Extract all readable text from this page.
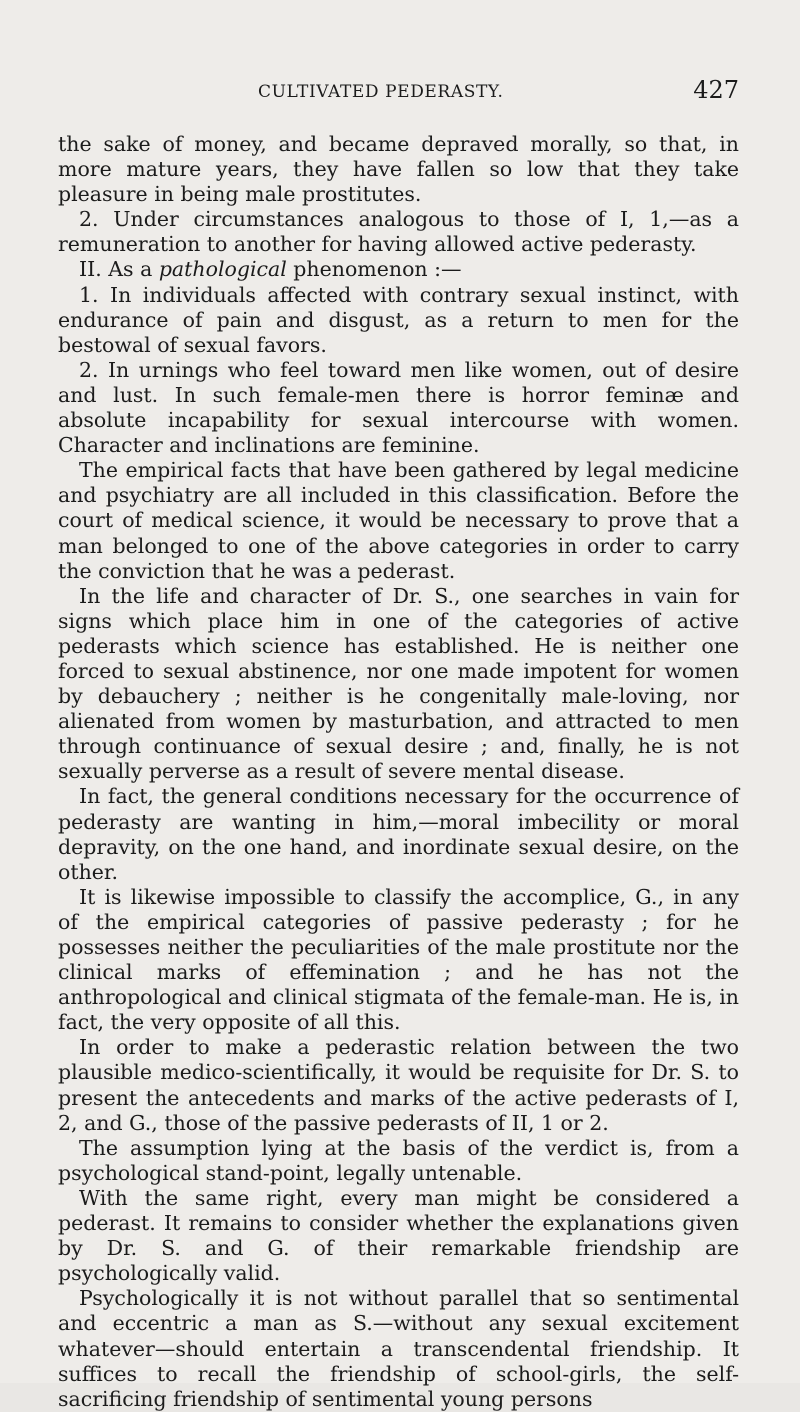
CULTIVATED PEDERASTY.	427

the sake of money, and became depraved morally, so that, in more mature years, they have fallen so low that they take pleasure in being male prostitutes.

2. Under circumstances analogous to those of I, 1,—as a remuneration to another for having allowed active pederasty.

II. As a pathological phenomenon :—

1. In individuals affected with contrary sexual instinct, with endurance of pain and disgust, as a return to men for the bestowal of sexual favors.

2. In urnings who feel toward men like women, out of desire and lust. In such female-men there is horror feminæ and absolute incapability for sexual intercourse with women. Character and inclinations are feminine.

The empirical facts that have been gathered by legal medicine and psychiatry are all included in this classification. Before the court of medical science, it would be necessary to prove that a man belonged to one of the above categories in order to carry the conviction that he was a pederast.

In the life and character of Dr. S., one searches in vain for signs which place him in one of the categories of active pederasts which science has established. He is neither one forced to sexual abstinence, nor one made impotent for women by debauchery ; neither is he congenitally male-loving, nor alienated from women by masturbation, and attracted to men through continuance of sexual desire ; and, finally, he is not sexually perverse as a result of severe mental disease.

In fact, the general conditions necessary for the occurrence of pederasty are wanting in him,—moral imbecility or moral depravity, on the one hand, and inordinate sexual desire, on the other.

It is likewise impossible to classify the accomplice, G., in any of the empirical categories of passive pederasty ; for he possesses neither the peculiarities of the male prostitute nor the clinical marks of effemination ; and he has not the anthropological and clinical stigmata of the female-man. He is, in fact, the very opposite of all this.

In order to make a pederastic relation between the two plausible medico-scientifically, it would be requisite for Dr. S. to present the antecedents and marks of the active pederasts of I, 2, and G., those of the passive pederasts of II, 1 or 2.

The assumption lying at the basis of the verdict is, from a psychological stand-point, legally untenable.

With the same right, every man might be considered a pederast. It remains to consider whether the explanations given by Dr. S. and G. of their remarkable friendship are psychologically valid.

Psychologically it is not without parallel that so sentimental and eccentric a man as S.—without any sexual excitement whatever—should entertain a transcendental friendship. It suffices to recall the friendship of school-girls, the self-sacrificing friendship of sentimental young persons
